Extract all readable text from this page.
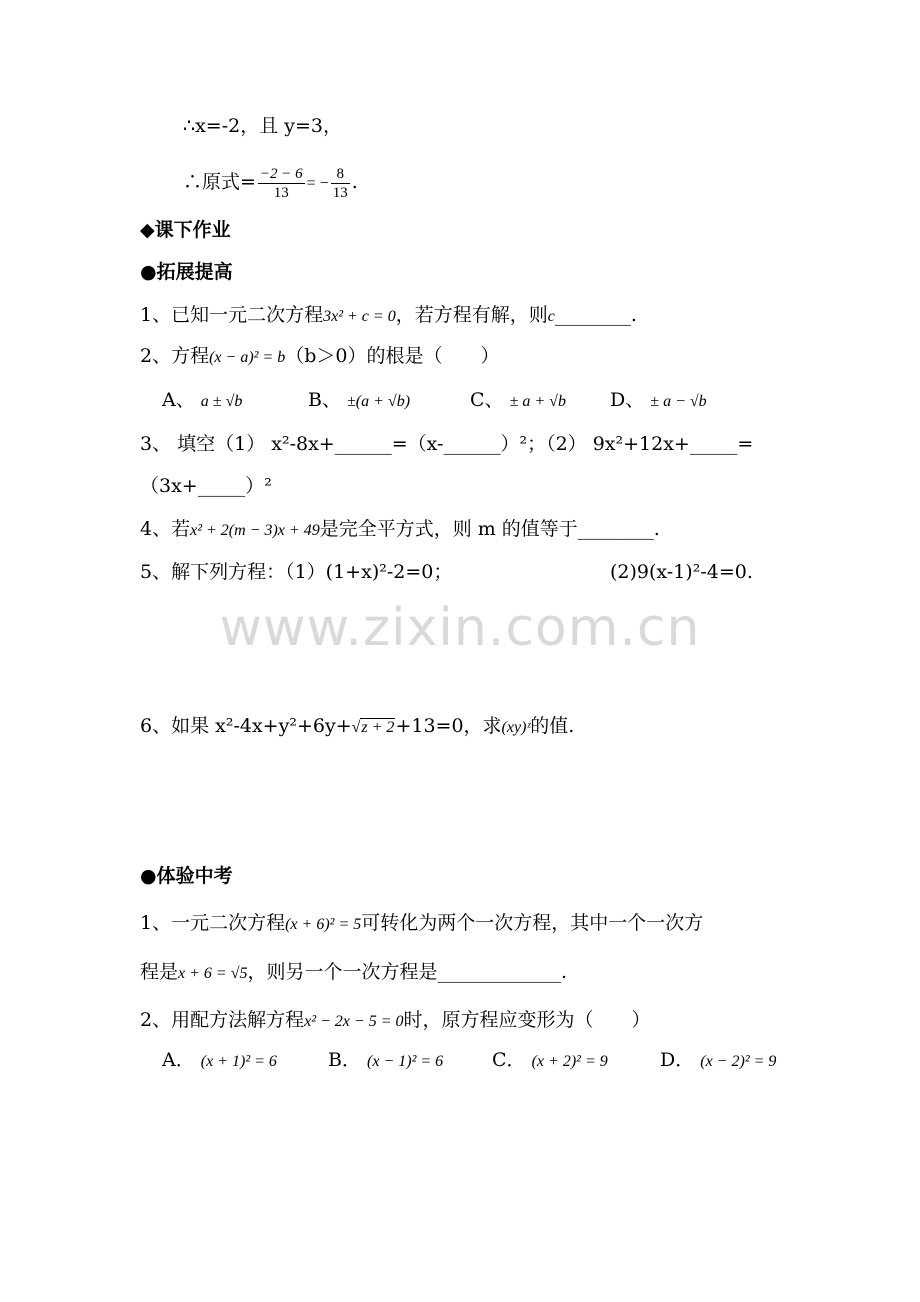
∴x=-2，且 y=3，
∴原式= $\frac{-2 - 6}{13}$ = − $\frac{8}{13}$ .
◆课下作业
●拓展提高
1、已知一元二次方程3x² + c = 0，若方程有解，则c________.
2、方程(x − a)² = b（b＞0）的根是（　　）
A、 a ± √b	B、 ±(a + √b)	C、 ± a + √b D、 ± a − √b
3、 填空（1） x²-8x+______=（x-______）²；（2） 9x²+12x+_____=
（3x+_____）²
4、若x² + 2(m − 3)x + 49是完全平方式，则 m 的值等于________.
5、解下列方程：（1）(1+x)²-2=0；	(2)9(x-1)²-4=0.
www.zixin.com.cn
6、如果 x²-4x+y²+6y+√z + 2+13=0，求(xy)ᶻ的值.
●体验中考
1、一元二次方程(x + 6)² = 5可转化为两个一次方程，其中一个一次方
程是x + 6 = √5，则另一个一次方程是_____________.
2、用配方法解方程x² − 2x − 5 = 0时，原方程应变形为（　　）
A． (x + 1)² = 6	B． (x − 1)² = 6	C． (x + 2)² = 9	D． (x − 2)² = 9
